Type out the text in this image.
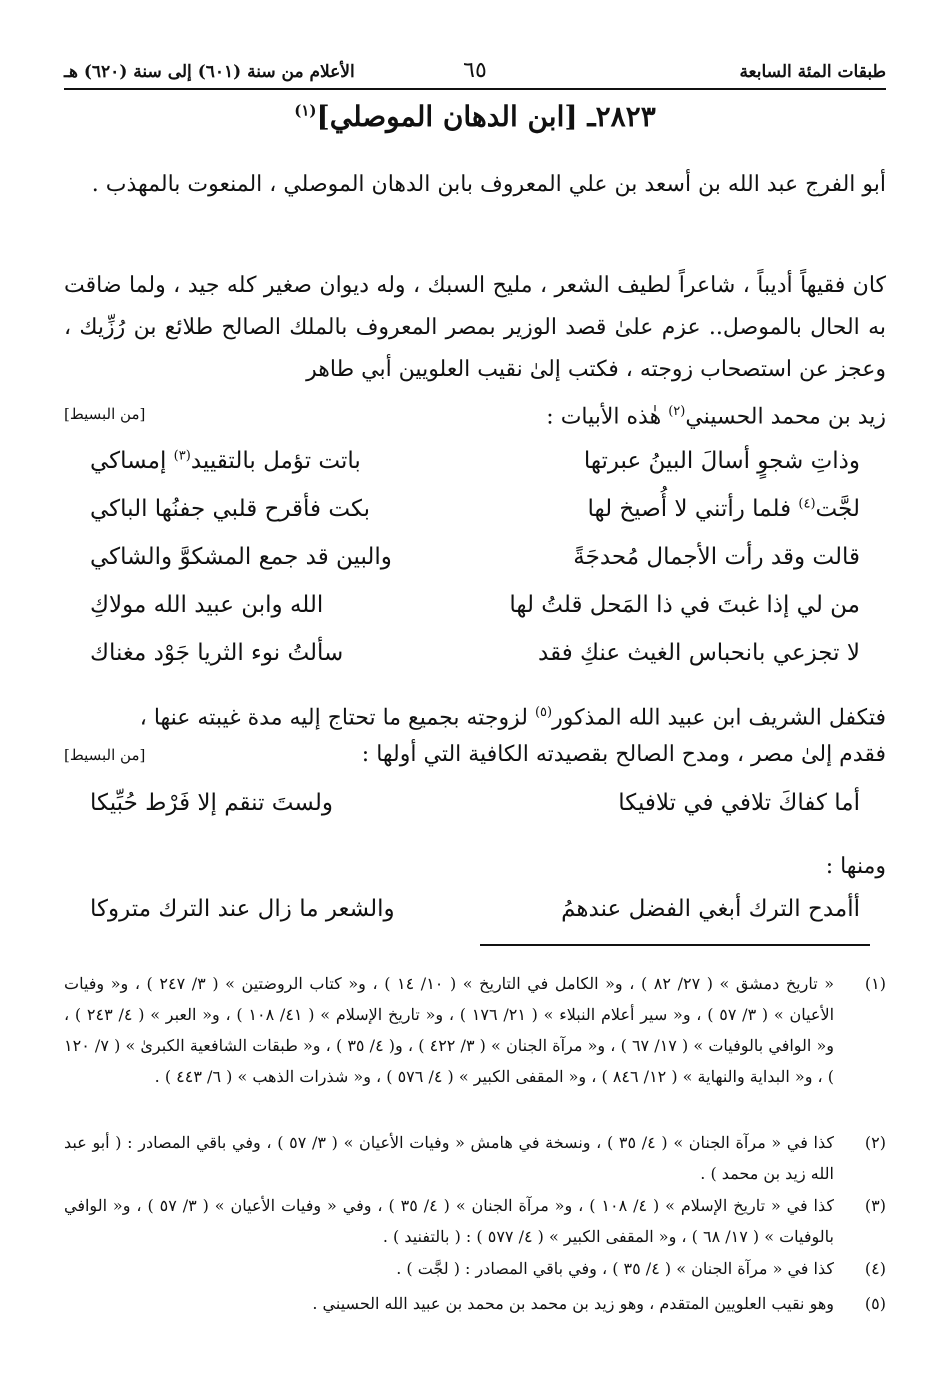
طبقات المئة السابعة
٦٥
الأعلام من سنة (٦٠١) إلى سنة (٦٢٠) هـ
٢٨٢٣ـ [ابن الدهان الموصلي]$^{(١)}$
أبو الفرج عبد الله بن أسعد بن علي المعروف بابن الدهان الموصلي ، المنعوت بالمهذب .
كان فقيهاً أديباً ، شاعراً لطيف الشعر ، مليح السبك ، وله ديوان صغير كله جيد ، ولما ضاقت به الحال بالموصل.. عزم علىٰ قصد الوزير بمصر المعروف بالملك الصالح طلائع بن رُزِّيك ، وعجز عن استصحاب زوجته ، فكتب إلىٰ نقيب العلويين أبي طاهر
زيد بن محمد الحسيني$^{(٢)}$ هٰذه الأبيات :
[من البسيط]
وذاتِ شجوٍ أسالَ البينُ عبرتها
باتت تؤمل بالتقييد$^{(٣)}$ إمساكي
لجَّت$^{(٤)}$ فلما رأتني لا أُصيخ لها
بكت فأقرح قلبي جفنُها الباكي
قالت وقد رأت الأجمال مُحدجَةً
والبين قد جمع المشكوَّ والشاكي
من لي إذا غبتَ في ذا المَحل قلتُ لها
الله وابن عبيد الله مولاكِ
لا تجزعي بانحباس الغيث عنكِ فقد
سألتُ نوء الثريا جَوْد مغناك
فتكفل الشريف ابن عبيد الله المذكور$^{(٥)}$ لزوجته بجميع ما تحتاج إليه مدة غيبته عنها ،
فقدم إلىٰ مصر ، ومدح الصالح بقصيدته الكافية التي أولها :
[من البسيط]
أما كفاكَ تلافي في تلافيكا
ولستَ تنقم إلا فَرْط حُبِّيكا
ومنها :
أأمدح الترك أبغي الفضل عندهمُ
والشعر ما زال عند الترك متروكا
(١)
« تاريخ دمشق » ( ٢٧/ ٨٢ ) ، و« الكامل في التاريخ » ( ١٠/ ١٤ ) ، و« كتاب الروضتين » ( ٣/ ٢٤٧ ) ، و« وفيات الأعيان » ( ٣/ ٥٧ ) ، و« سير أعلام النبلاء » ( ٢١/ ١٧٦ ) ، و« تاريخ الإسلام » ( ٤١/ ١٠٨ ) ، و« العبر » ( ٤/ ٢٤٣ ) ، و« الوافي بالوفيات » ( ١٧/ ٦٧ ) ، و« مرآة الجنان » ( ٣/ ٤٢٢ ) ، و( ٤/ ٣٥ ) ، و« طبقات الشافعية الكبرىٰ » ( ٧/ ١٢٠ ) ، و« البداية والنهاية » ( ١٢/ ٨٤٦ ) ، و« المقفى الكبير » ( ٤/ ٥٧٦ ) ، و« شذرات الذهب » ( ٦/ ٤٤٣ ) .
(٢)
كذا في « مرآة الجنان » ( ٤/ ٣٥ ) ، ونسخة في هامش « وفيات الأعيان » ( ٣/ ٥٧ ) ، وفي باقي المصادر : ( أبو عبد الله زيد بن محمد ) .
(٣)
كذا في « تاريخ الإسلام » ( ٤/ ١٠٨ ) ، و« مرآة الجنان » ( ٤/ ٣٥ ) ، وفي « وفيات الأعيان » ( ٣/ ٥٧ ) ، و« الوافي بالوفيات » ( ١٧/ ٦٨ ) ، و« المقفى الكبير » ( ٤/ ٥٧٧ ) : ( بالتفنيد ) .
(٤)
كذا في « مرآة الجنان » ( ٤/ ٣٥ ) ، وفي باقي المصادر : ( لجَّت ) .
(٥)
وهو نقيب العلويين المتقدم ، وهو زيد بن محمد بن محمد بن عبيد الله الحسيني .
